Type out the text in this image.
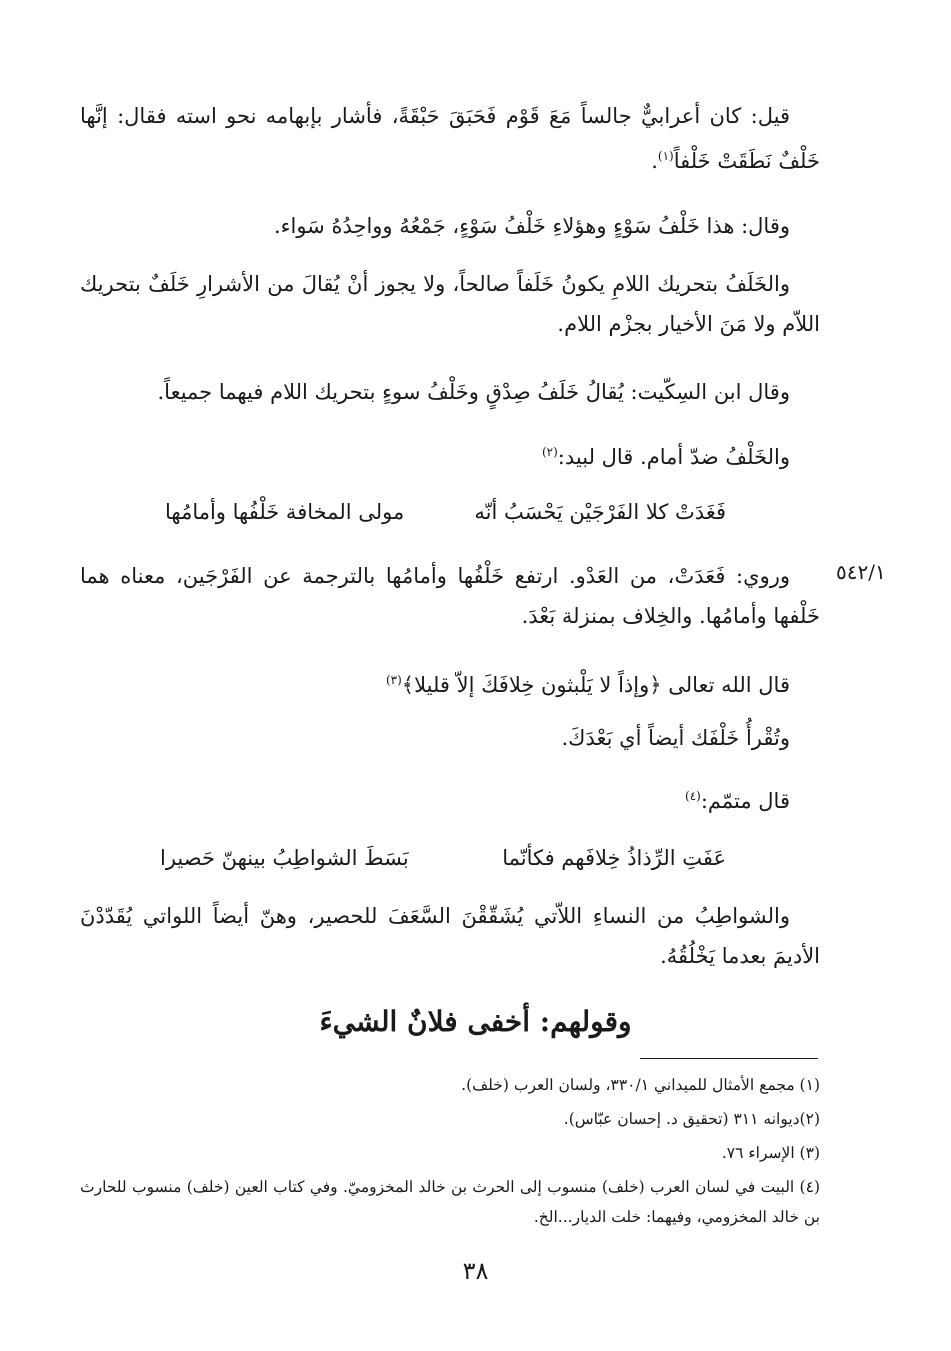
قيل: كان أعرابيٌّ جالساً مَعَ قَوْم فَحَبَقَ حَبْقَةً، فأشار بإبهامه نحو استه فقال: إنَّها خَلْفٌ نَطَقَتْ خَلْفاً$^{(١)}$.

وقال: هذا خَلْفُ سَوْءٍ وهؤلاءِ خَلْفُ سَوْءٍ، جَمْعُهُ وواحِدُهُ سَواء.

والخَلَفُ بتحريك اللامِ يكونُ خَلَفاً صالحاً، ولا يجوز أنْ يُقالَ من الأشرارِ خَلَفٌ بتحريك اللاّم ولا مَنَ الأخيار بجزْم اللام.

وقال ابن السِكّيت: يُقالُ خَلَفُ صِدْقٍ وخَلْفُ سوءٍ بتحريك اللام فيهما جميعاً.

والخَلْفُ ضدّ أمام. قال لبيد:$^{(٢)}$

فَغَدَتْ كلا الفَرْجَيْن يَحْسَبُ أنّه
مولى المخافة خَلْفُها وأمامُها
٥٤٢/١

وروي: فَعَدَتْ، من العَدْو. ارتفع خَلْفُها وأمامُها بالترجمة عن الفَرْجَين، معناه هما خَلْفها وأمامُها. والخِلاف بمنزلة بَعْدَ.

قال الله تعالى ﴿وإذاً لا يَلْبثون خِلافَكَ إلاّ قليلا﴾$^{(٣)}$

وتُقْرأُ خَلْفَك أيضاً أي بَعْدَكَ.

قال متمّم:$^{(٤)}$

عَفَتِ الرِّذاذُ خِلافَهم فكأنّما
بَسَطَ الشواطِبُ بينهنّ حَصيرا

والشواطِبُ من النساءِ اللاّتي يُشَقّقْنَ السَّعَفَ للحصير، وهنّ أيضاً اللواتي يُقَدّدْنَ الأديمَ بعدما يَخْلُقُهُ.

وقولهم: أخفى فلانٌ الشيءَ

(١) مجمع الأمثال للميداني ٣٣٠/١، ولسان العرب (خلف).

(٢)ديوانه ٣١١ (تحقيق د. إحسان عبّاس).

(٣) الإسراء ٧٦.

(٤) البيت في لسان العرب (خلف) منسوب إلى الحرث بن خالد المخزوميّ. وفي كتاب العين (خلف) منسوب للحارث بن خالد المخزومي، وفيهما: خلت الديار...الخ.

٣٨
